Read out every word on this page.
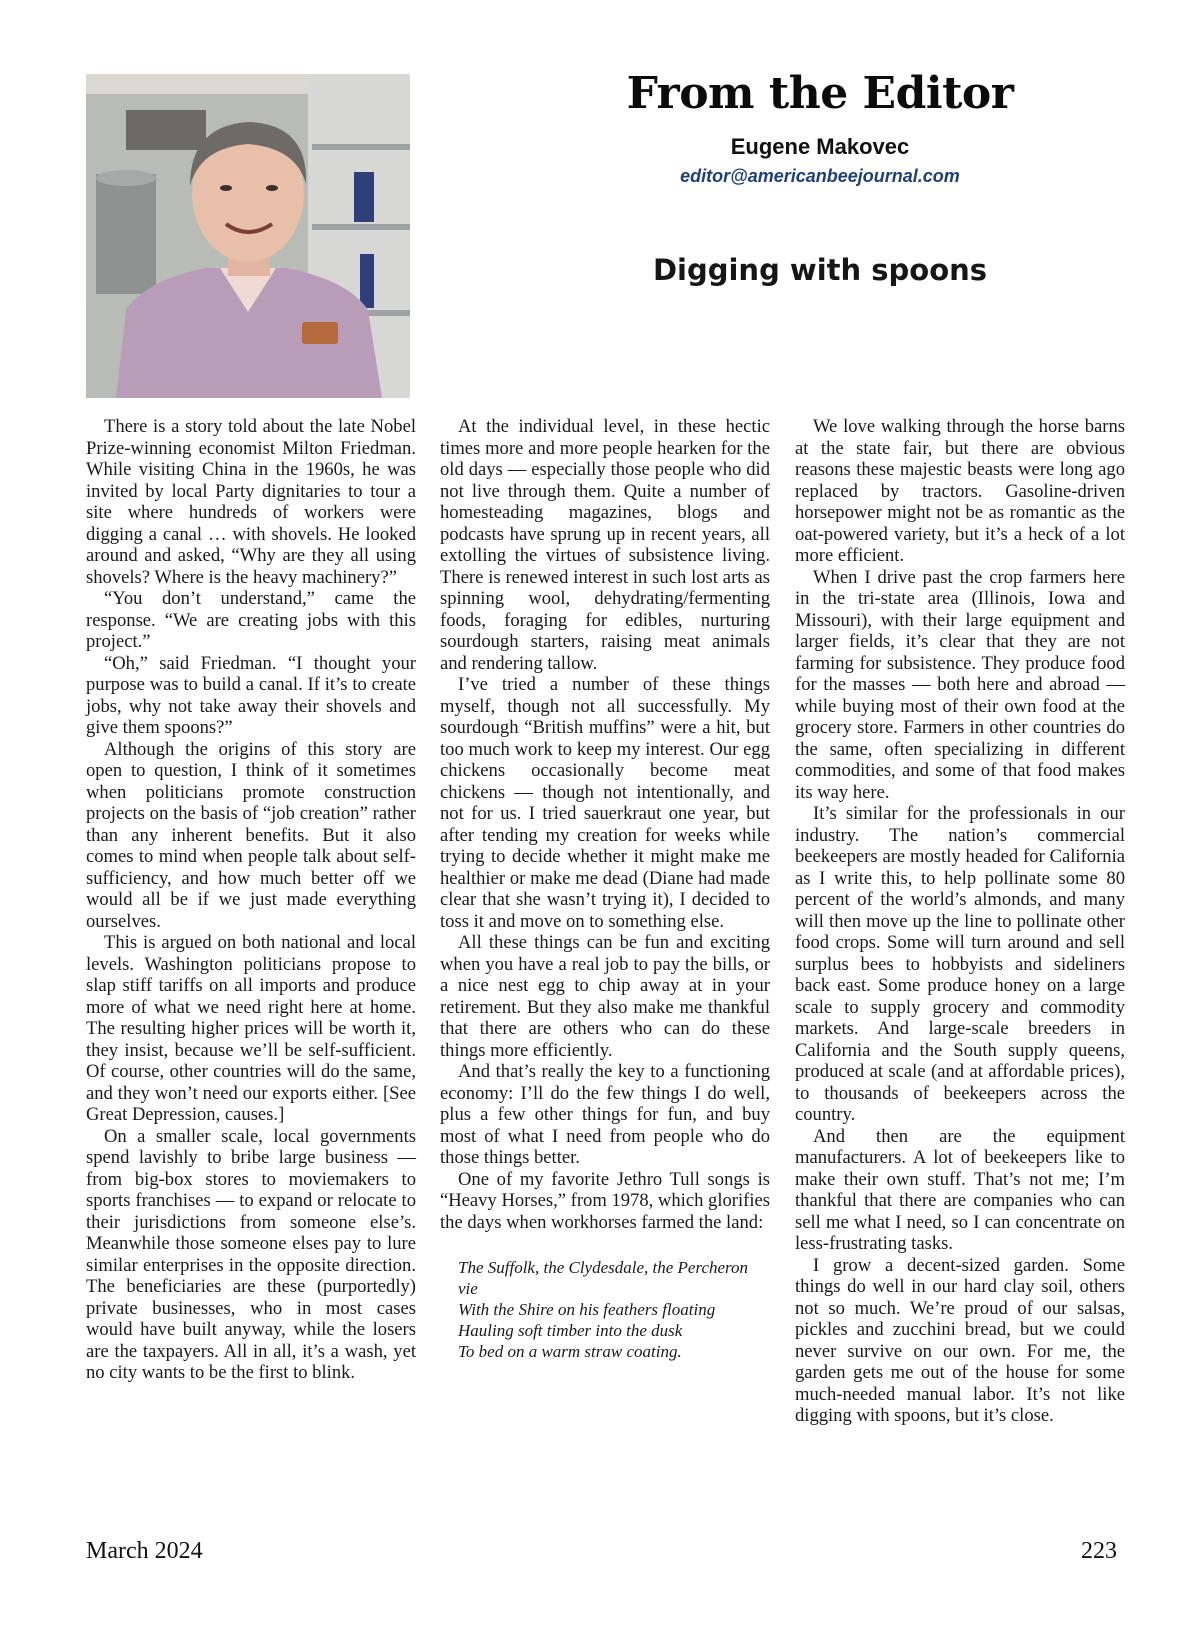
From the Editor
Eugene Makovec
editor@americanbeejournal.com
Digging with spoons

There is a story told about the late Nobel Prize-winning economist Milton Friedman. While visiting China in the 1960s, he was invited by local Party dignitaries to tour a site where hundreds of workers were digging a canal … with shovels. He looked around and asked, “Why are they all using shovels? Where is the heavy machinery?”

“You don’t understand,” came the response. “We are creating jobs with this project.”

“Oh,” said Friedman. “I thought your purpose was to build a canal. If it’s to create jobs, why not take away their shovels and give them spoons?”

Although the origins of this story are open to question, I think of it sometimes when politicians promote construction projects on the basis of “job creation” rather than any inherent benefits. But it also comes to mind when people talk about self-sufficiency, and how much better off we would all be if we just made everything ourselves.

This is argued on both national and local levels. Washington politicians propose to slap stiff tariffs on all imports and produce more of what we need right here at home. The resulting higher prices will be worth it, they insist, because we’ll be self-sufficient. Of course, other countries will do the same, and they won’t need our exports either. [See Great Depression, causes.]

On a smaller scale, local governments spend lavishly to bribe large business — from big-box stores to moviemakers to sports franchises — to expand or relocate to their jurisdictions from someone else’s. Meanwhile those someone elses pay to lure similar enterprises in the opposite direction. The beneficiaries are these (purportedly) private businesses, who in most cases would have built anyway, while the losers are the taxpayers. All in all, it’s a wash, yet no city wants to be the first to blink.

At the individual level, in these hectic times more and more people hearken for the old days — especially those people who did not live through them. Quite a number of homesteading magazines, blogs and podcasts have sprung up in recent years, all extolling the virtues of subsistence living. There is renewed interest in such lost arts as spinning wool, dehydrating/fermenting foods, foraging for edibles, nurturing sourdough starters, raising meat animals and rendering tallow.

I’ve tried a number of these things myself, though not all successfully. My sourdough “British muffins” were a hit, but too much work to keep my interest. Our egg chickens occasionally become meat chickens — though not intentionally, and not for us. I tried sauerkraut one year, but after tending my creation for weeks while trying to decide whether it might make me healthier or make me dead (Diane had made clear that she wasn’t trying it), I decided to toss it and move on to something else.

All these things can be fun and exciting when you have a real job to pay the bills, or a nice nest egg to chip away at in your retirement. But they also make me thankful that there are others who can do these things more efficiently.

And that’s really the key to a functioning economy: I’ll do the few things I do well, plus a few other things for fun, and buy most of what I need from people who do those things better.

One of my favorite Jethro Tull songs is “Heavy Horses,” from 1978, which glorifies the days when workhorses farmed the land:

The Suffolk, the Clydesdale, the Percheron vie
With the Shire on his feathers floating
Hauling soft timber into the dusk
To bed on a warm straw coating.

We love walking through the horse barns at the state fair, but there are obvious reasons these majestic beasts were long ago replaced by tractors. Gasoline-driven horsepower might not be as romantic as the oat-powered variety, but it’s a heck of a lot more efficient.

When I drive past the crop farmers here in the tri-state area (Illinois, Iowa and Missouri), with their large equipment and larger fields, it’s clear that they are not farming for subsistence. They produce food for the masses — both here and abroad — while buying most of their own food at the grocery store. Farmers in other countries do the same, often specializing in different commodities, and some of that food makes its way here.

It’s similar for the professionals in our industry. The nation’s commercial beekeepers are mostly headed for California as I write this, to help pollinate some 80 percent of the world’s almonds, and many will then move up the line to pollinate other food crops. Some will turn around and sell surplus bees to hobbyists and sideliners back east. Some produce honey on a large scale to supply grocery and commodity markets. And large-scale breeders in California and the South supply queens, produced at scale (and at affordable prices), to thousands of beekeepers across the country.

And then are the equipment manufacturers. A lot of beekeepers like to make their own stuff. That’s not me; I’m thankful that there are companies who can sell me what I need, so I can concentrate on less-frustrating tasks.

I grow a decent-sized garden. Some things do well in our hard clay soil, others not so much. We’re proud of our salsas, pickles and zucchini bread, but we could never survive on our own. For me, the garden gets me out of the house for some much-needed manual labor. It’s not like digging with spoons, but it’s close.

March 2024	223
